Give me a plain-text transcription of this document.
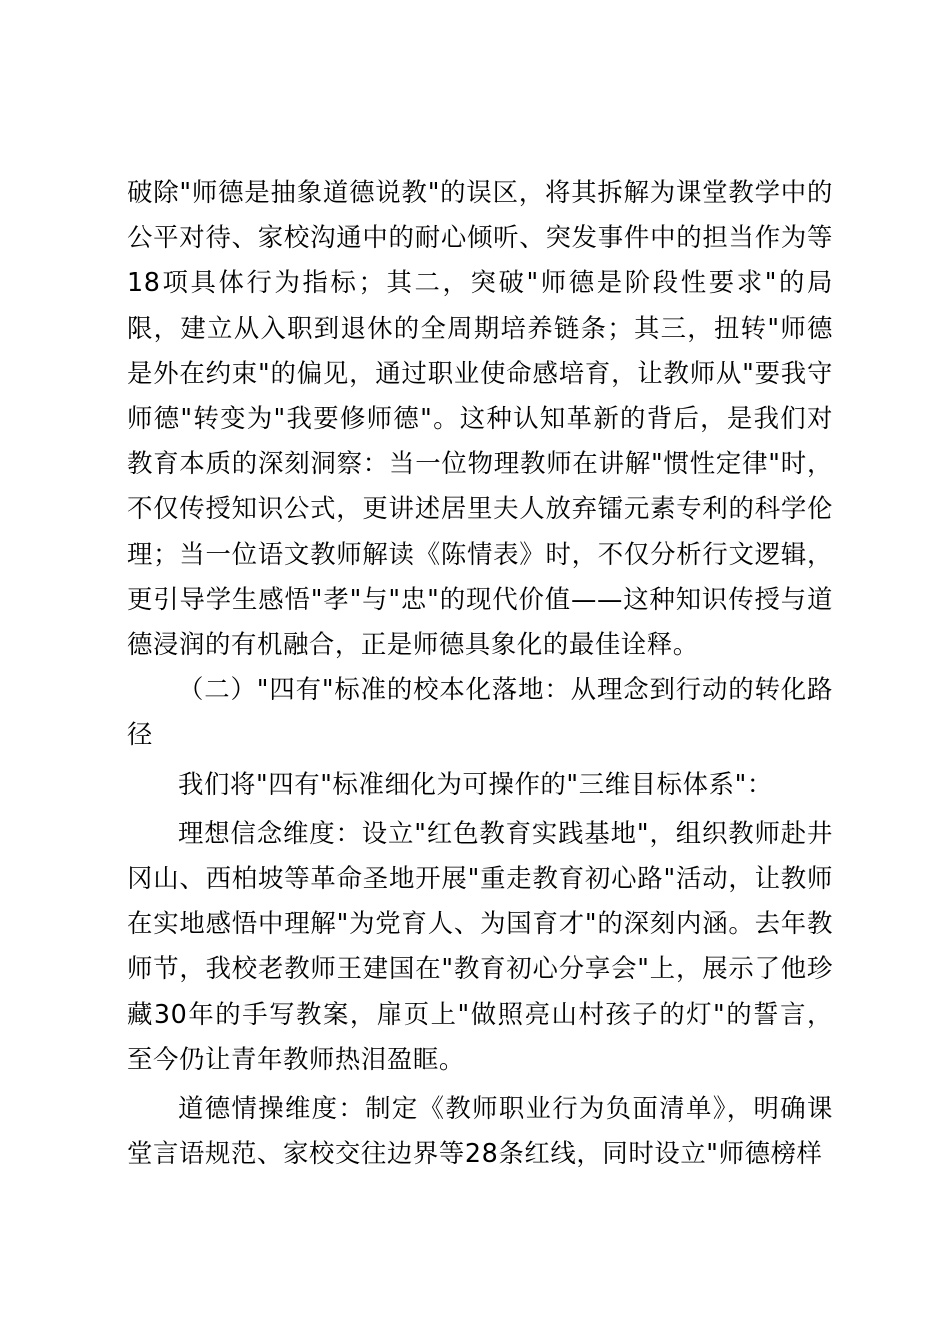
破除"师德是抽象道德说教"的误区，将其拆解为课堂教学中的公平对待、家校沟通中的耐心倾听、突发事件中的担当作为等18项具体行为指标；其二，突破"师德是阶段性要求"的局限，建立从入职到退休的全周期培养链条；其三，扭转"师德是外在约束"的偏见，通过职业使命感培育，让教师从"要我守师德"转变为"我要修师德"。这种认知革新的背后，是我们对教育本质的深刻洞察：当一位物理教师在讲解"惯性定律"时，不仅传授知识公式，更讲述居里夫人放弃镭元素专利的科学伦理；当一位语文教师解读《陈情表》时，不仅分析行文逻辑，更引导学生感悟"孝"与"忠"的现代价值——这种知识传授与道德浸润的有机融合，正是师德具象化的最佳诠释。

（二）"四有"标准的校本化落地：从理念到行动的转化路径

我们将"四有"标准细化为可操作的"三维目标体系"：

理想信念维度：设立"红色教育实践基地"，组织教师赴井冈山、西柏坡等革命圣地开展"重走教育初心路"活动，让教师在实地感悟中理解"为党育人、为国育才"的深刻内涵。去年教师节，我校老教师王建国在"教育初心分享会"上，展示了他珍藏30年的手写教案，扉页上"做照亮山村孩子的灯"的誓言，至今仍让青年教师热泪盈眶。

道德情操维度：制定《教师职业行为负面清单》，明确课堂言语规范、家校交往边界等28条红线，同时设立"师德榜样
